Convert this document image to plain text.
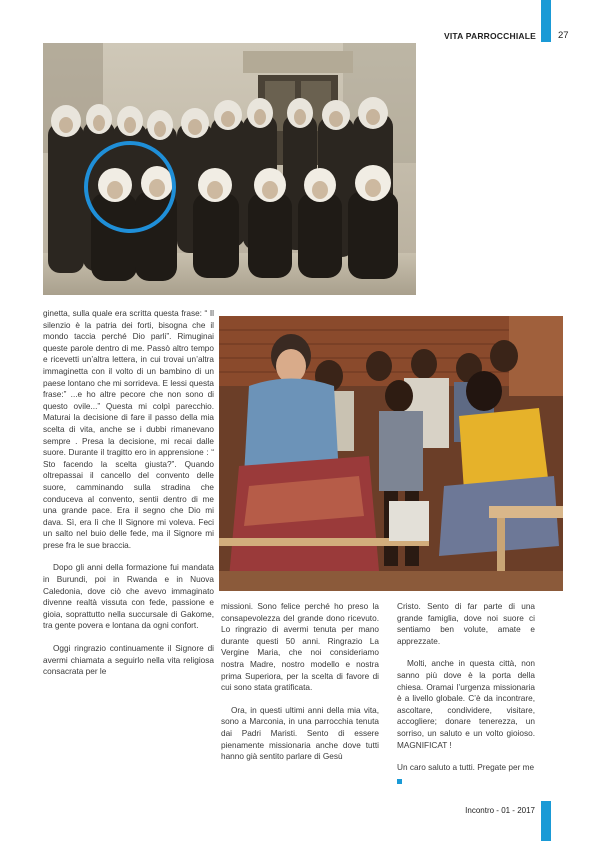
VITA PARROCCHIALE 27

ginetta, sulla quale era scritta questa frase: “ Il silenzio è la patria dei forti, bisogna che il mondo taccia perché Dio parli”. Rimuginai queste parole dentro di me. Passò altro tempo e ricevetti un’altra lettera, in cui trovai un’altra immaginetta con il volto di un bambino di un paese lontano che mi sorrideva. E lessi questa frase:” ...e ho altre pecore che non sono di questo ovile...” Questa mi colpì parecchio. Maturai la decisione di fare il passo della mia scelta di vita, anche se i dubbi rimanevano sempre . Presa la decisione, mi recai dalle suore. Durante il tragitto ero in apprensione : “ Sto facendo la scelta giusta?”. Quando oltrepassai il cancello del convento delle suore, camminando sulla stradina che conduceva al convento, sentii dentro di me una grande pace. Era il segno che Dio mi dava. Sì, era lì che Il Signore mi voleva. Feci un salto nel buio delle fede, ma il Signore mi prese fra le sue braccia.

Dopo gli anni della formazione fui mandata in Burundi, poi in Rwanda e in Nuova Caledonia, dove ciò che avevo immaginato divenne realtà vissuta con fede, passione e gioia, soprattutto nella succursale di Gakome, tra gente povera e lontana da ogni confort.

Oggi ringrazio continuamente il Signore di avermi chiamata a seguirlo nella vita religiosa consacrata per le

missioni. Sono felice perché ho preso la consapevolezza del grande dono ricevuto. Lo ringrazio di avermi tenuta per mano durante questi 50 anni. Ringrazio La Vergine Maria, che noi consideriamo nostra Madre, nostro modello e nostra prima Superiora, per la scelta di favore di cui sono stata gratificata.

Ora, in questi ultimi anni della mia vita, sono a Marconia, in una parrocchia tenuta dai Padri Maristi. Sento di essere pienamente missionaria anche dove tutti hanno già sentito parlare di Gesù

Cristo. Sento di far parte di una grande famiglia, dove noi suore ci sentiamo ben volute, amate e apprezzate.

Molti, anche in questa città, non sanno più dove è la porta della chiesa. Oramai l’urgenza missionaria è a livello globale. C’è da incontrare, ascoltare, condividere, visitare, accogliere; donare tenerezza, un sorriso, un saluto e un volto gioioso. MAGNIFICAT !

Un caro saluto a tutti. Pregate per me

Incontro - 01 - 2017
